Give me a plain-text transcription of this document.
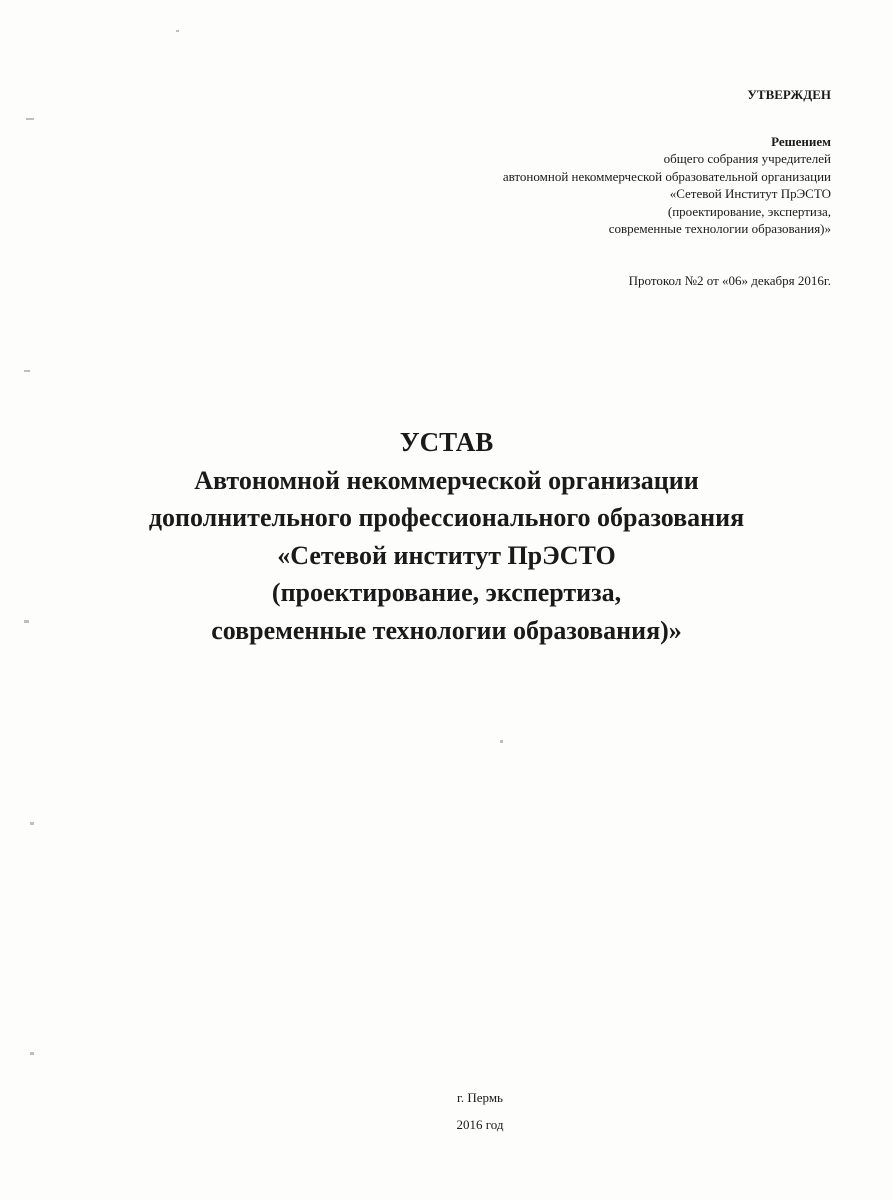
УТВЕРЖДЕН
Решением
общего собрания учредителей
автономной некоммерческой образовательной организации
«Сетевой Институт ПрЭСТО
(проектирование, экспертиза,
современные технологии образования)»
Протокол №2 от «06» декабря 2016г.
УСТАВ
Автономной некоммерческой организации
дополнительного профессионального образования
«Сетевой институт ПрЭСТО
(проектирование, экспертиза,
современные технологии образования)»
г. Пермь
2016 год
